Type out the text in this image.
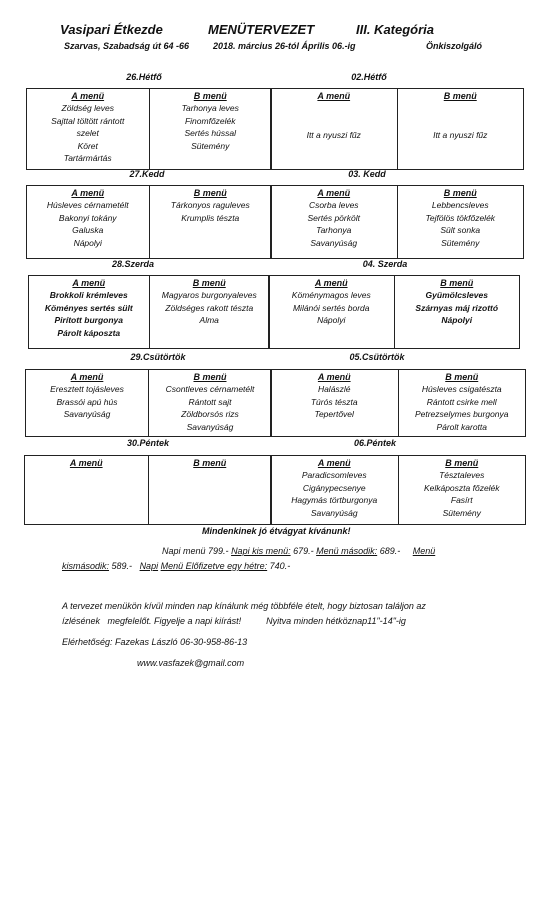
Vasipari Étkezde	MENÜTERVEZET	III. Kategória
Szarvas, Szabadság út 64 -66	2018. március 26-tól Április 06.-ig	Önkiszolgáló
26.Hétfő	02.Hétfő
A menü
Zöldség leves
Sajttal töltött rántott
szelet
Köret
Tartármártás
B menü
Tarhonya leves
Finomfőzelék
Sertés hússal
Sütemény
A menü
Itt a nyuszi fűz
B menü
Itt a nyuszi fűz
27.Kedd	03. Kedd
A menü
Húsleves cérnametélt
Bakonyi tokány
Galuska
Nápolyi
B menü
Tárkonyos raguleves
Krumplis tészta
A menü
Csorba leves
Sertés pörkölt
Tarhonya
Savanyúság
B menü
Lebbencsleves
Tejfölös tökfőzelék
Sült sonka
Sütemény
28.Szerda	04. Szerda
A menü
Brokkoli krémleves
Köményes sertés sült
Pirított burgonya
Párolt káposzta
B menü
Magyaros burgonyaleves
Zöldséges rakott tészta
Alma
A menü
Köménymagos leves
Milánói sertés borda
Nápolyi
B menü
Gyümölcsleves
Szárnyas máj rizottó
Nápolyi
29.Csütörtök	05.Csütörtök
A menü
Eresztett tojásleves
Brassói apú hús
Savanyúság
B menü
Csontleves cérnametélt
Rántott sajt
Zöldborsós rizs
Savanyúság
A menü
Halászlé
Túrós tészta
Tepertővel
B menü
Húsleves csigatészta
Rántott csirke mell
Petrezselymes burgonya
Párolt karotta
30.Péntek	06.Péntek
A menü	B menü	A menü
Paradicsomleves
Cigánypecsenye
Hagymás törtburgonya
Savanyúság
B menü
Tésztaleves
Kelkáposzta főzelék
Fasírt
Sütemény
Mindenkinek jó étvágyat kívánunk!
Napi menü 799.- Napi kis menü: 679.- Menü második: 689.- Menü
kismásodik: 589.- Napi Menü Előfizetve egy hétre: 740.-
A tervezet menükön kívül minden nap kínálunk még többféle ételt, hogy biztosan találjon az
ízlésének   megfelelőt. Figyelje a napi kiírást!          Nyitva minden hétköznap11"-14"-ig
Elérhetőség: Fazekas László 06-30-958-86-13
www.vasfazek@gmail.com
